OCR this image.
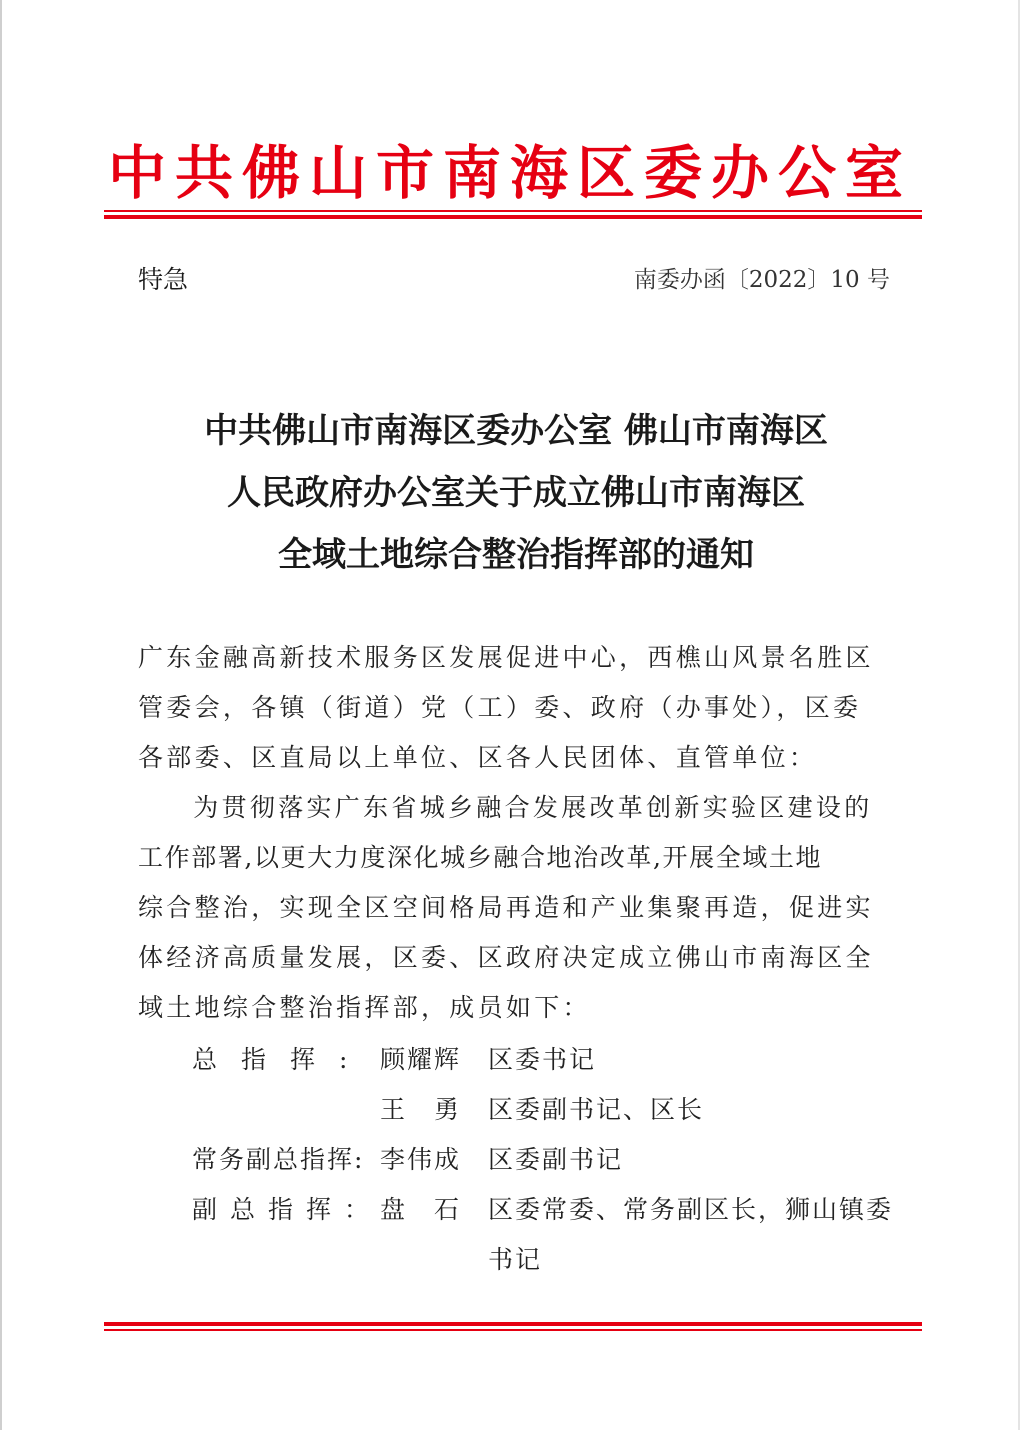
中共佛山市南海区委办公室
特急	南委办函〔2022〕10 号
中共佛山市南海区委办公室 佛山市南海区
人民政府办公室关于成立佛山市南海区
全域土地综合整治指挥部的通知
广东金融高新技术服务区发展促进中心，西樵山风景名胜区
管委会，各镇（街道）党（工）委、政府（办事处），区委
各部委、区直局以上单位、区各人民团体、直管单位：
　为贯彻落实广东省城乡融合发展改革创新实验区建设的
工作部署,以更大力度深化城乡融合地治改革,开展全域土地
综合整治，实现全区空间格局再造和产业集聚再造，促进实
体经济高质量发展，区委、区政府决定成立佛山市南海区全
域土地综合整治指挥部，成员如下：
总指挥: 顾耀辉 区委书记
王　勇 区委副书记、区长
常务副总指挥: 李伟成 区委副书记
副总指挥：
盘　石 区委常委、常务副区长，狮山镇委
书记
